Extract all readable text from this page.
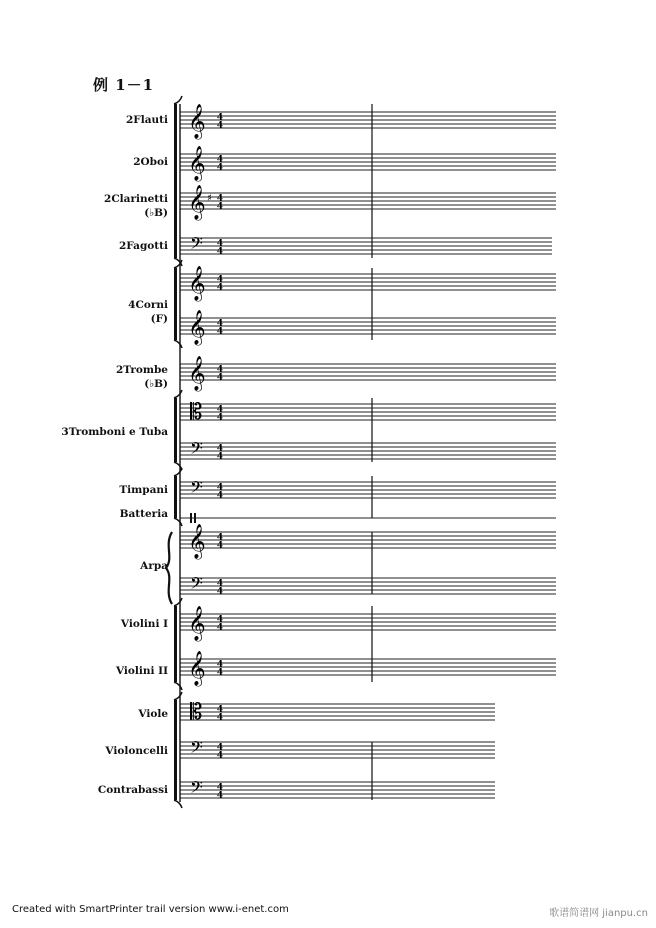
例 1－1
𝄞 4
4
𝄞 4
4
𝄞 ♯ 4
4
𝄢 4
4
𝄞 4
4
𝄞 4
4
𝄞 4
4
𝄡 4
4
𝄢 4
4
𝄢 4
4
𝄞 4
4
𝄢 4
4
𝄞 4
4
𝄞 4
4
𝄡 4
4
𝄢 4
4
𝄢 4
4
2Flauti
2Oboi
2Clarinetti
(♭B)
2Fagotti
4Corni
(F)
2Trombe
(♭B)
3Tromboni e Tuba
Timpani
Batteria
Arpa
Violini I
Violini II
Viole
Violoncelli
Contrabassi
Created with SmartPrinter trail version www.i-enet.com	歌谱简谱网 jianpu.cn
